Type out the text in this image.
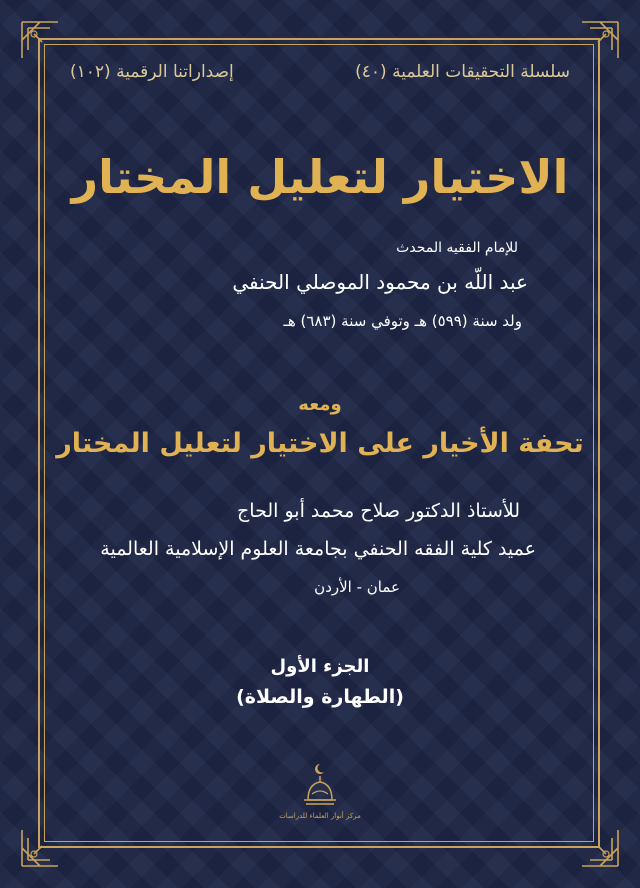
سلسلة التحقيقات العلمية (٤٠)
إصداراتنا الرقمية (١٠٢)
الاختيار لتعليل المختار
للإمام الفقيه المحدث
عبد اللّه بن محمود الموصلي الحنفي
ولد سنة (٥٩٩) هـ وتوفي سنة (٦٨٣) هـ
ومعه
تحفة الأخيار على الاختيار لتعليل المختار
للأستاذ الدكتور صلاح محمد أبو الحاج
عميد كلية الفقه الحنفي بجامعة العلوم الإسلامية العالمية
عمان - الأردن
الجزء الأول
(الطهارة والصلاة)
مركز أنوار العلماء للدراسات
